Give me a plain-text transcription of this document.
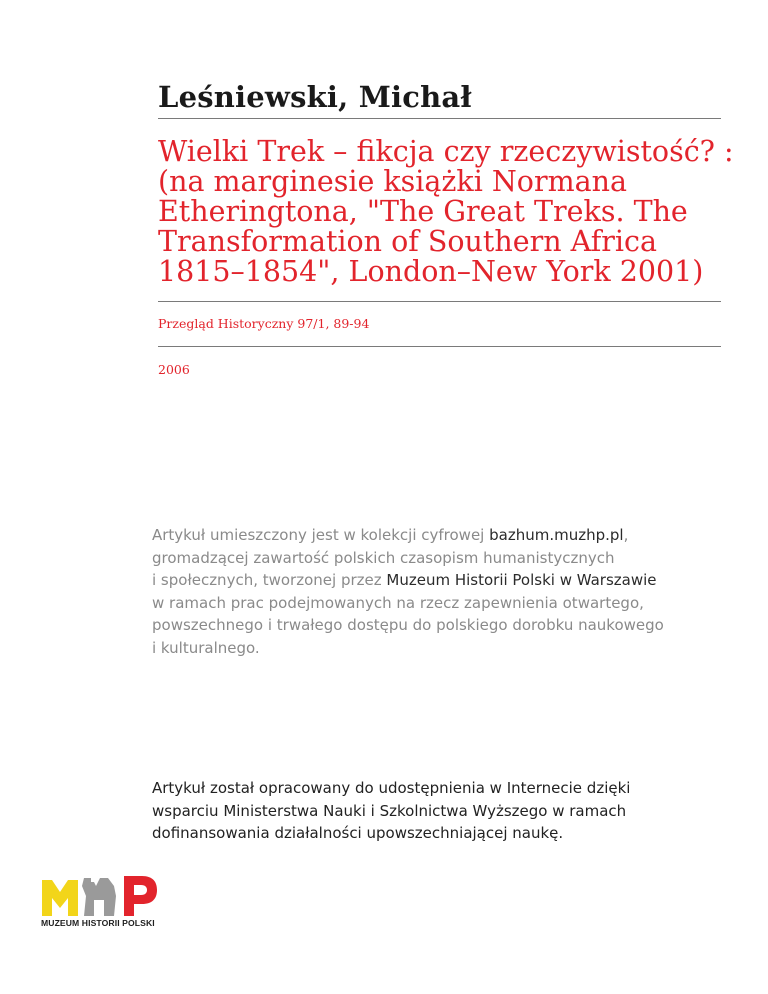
Leśniewski, Michał
Wielki Trek – fikcja czy rzeczywistość? :
(na marginesie książki Normana
Etheringtona, "The Great Treks. The
Transformation of Southern Africa
1815–1854", London–New York 2001)

Przegląd Historyczny 97/1, 89-94

2006

Artykuł umieszczony jest w kolekcji cyfrowej bazhum.muzhp.pl,
gromadzącej zawartość polskich czasopism humanistycznych
i społecznych, tworzonej przez Muzeum Historii Polski w Warszawie
w ramach prac podejmowanych na rzecz zapewnienia otwartego,
powszechnego i trwałego dostępu do polskiego dorobku naukowego
i kulturalnego.

Artykuł został opracowany do udostępnienia w Internecie dzięki
wsparciu Ministerstwa Nauki i Szkolnictwa Wyższego w ramach
dofinansowania działalności upowszechniającej naukę.

MUZEUM HISTORII POLSKI
